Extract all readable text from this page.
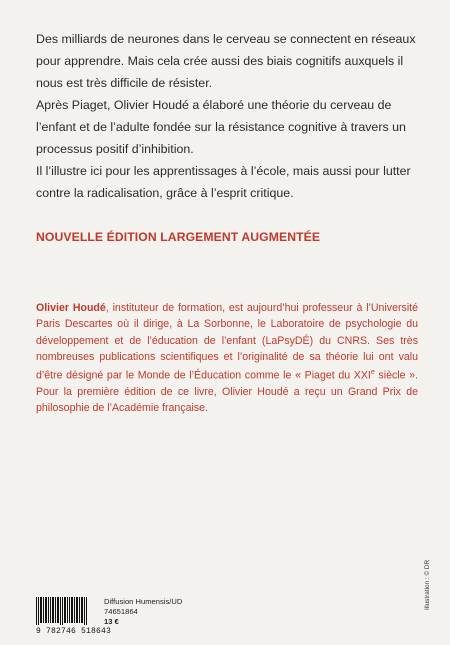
Des milliards de neurones dans le cerveau se connectent en réseaux pour apprendre. Mais cela crée aussi des biais cognitifs auxquels il nous est très difficile de résister.

Après Piaget, Olivier Houdé a élaboré une théorie du cerveau de l’enfant et de l’adulte fondée sur la résistance cognitive à travers un processus positif d’inhibition.

Il l’illustre ici pour les apprentissages à l’école, mais aussi pour lutter contre la radicalisation, grâce à l’esprit critique.

NOUVELLE ÉDITION LARGEMENT AUGMENTÉE
Olivier Houdé, instituteur de formation, est aujourd’hui professeur à l’Université Paris Descartes où il dirige, à La Sorbonne, le Laboratoire de psychologie du développement et de l’éducation de l’enfant (LaPsyDÉ) du CNRS. Ses très nombreuses publications scientifiques et l’originalité de sa théorie lui ont valu d’être désigné par le Monde de l’Éducation comme le « Piaget du XXIe siècle ». Pour la première édition de ce livre, Olivier Houdé a reçu un Grand Prix de philosophie de l’Académie française.
9 782746 518643
Diffusion Humensis/UD
74651864
13 €
Illustration : © DR
